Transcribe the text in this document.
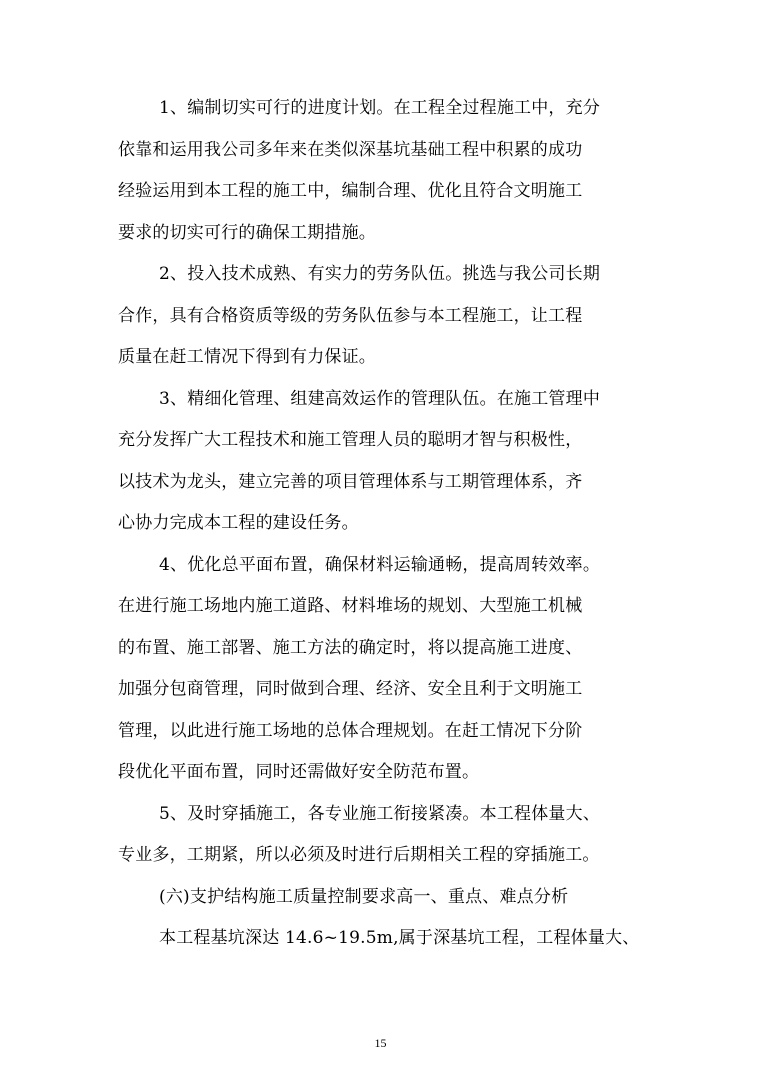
1、编制切实可行的进度计划。在工程全过程施工中，充分
依靠和运用我公司多年来在类似深基坑基础工程中积累的成功
经验运用到本工程的施工中，编制合理、优化且符合文明施工
要求的切实可行的确保工期措施。
2、投入技术成熟、有实力的劳务队伍。挑选与我公司长期
合作，具有合格资质等级的劳务队伍参与本工程施工，让工程
质量在赶工情况下得到有力保证。
3、精细化管理、组建高效运作的管理队伍。在施工管理中
充分发挥广大工程技术和施工管理人员的聪明才智与积极性，
以技术为龙头，建立完善的项目管理体系与工期管理体系，齐
心协力完成本工程的建设任务。
4、优化总平面布置，确保材料运输通畅，提高周转效率。
在进行施工场地内施工道路、材料堆场的规划、大型施工机械
的布置、施工部署、施工方法的确定时，将以提高施工进度、
加强分包商管理，同时做到合理、经济、安全且利于文明施工
管理，以此进行施工场地的总体合理规划。在赶工情况下分阶
段优化平面布置，同时还需做好安全防范布置。
5、及时穿插施工，各专业施工衔接紧凑。本工程体量大、
专业多，工期紧，所以必须及时进行后期相关工程的穿插施工。
(六)支护结构施工质量控制要求高一、重点、难点分析
本工程基坑深达 14.6~19.5m,属于深基坑工程，工程体量大、
15
